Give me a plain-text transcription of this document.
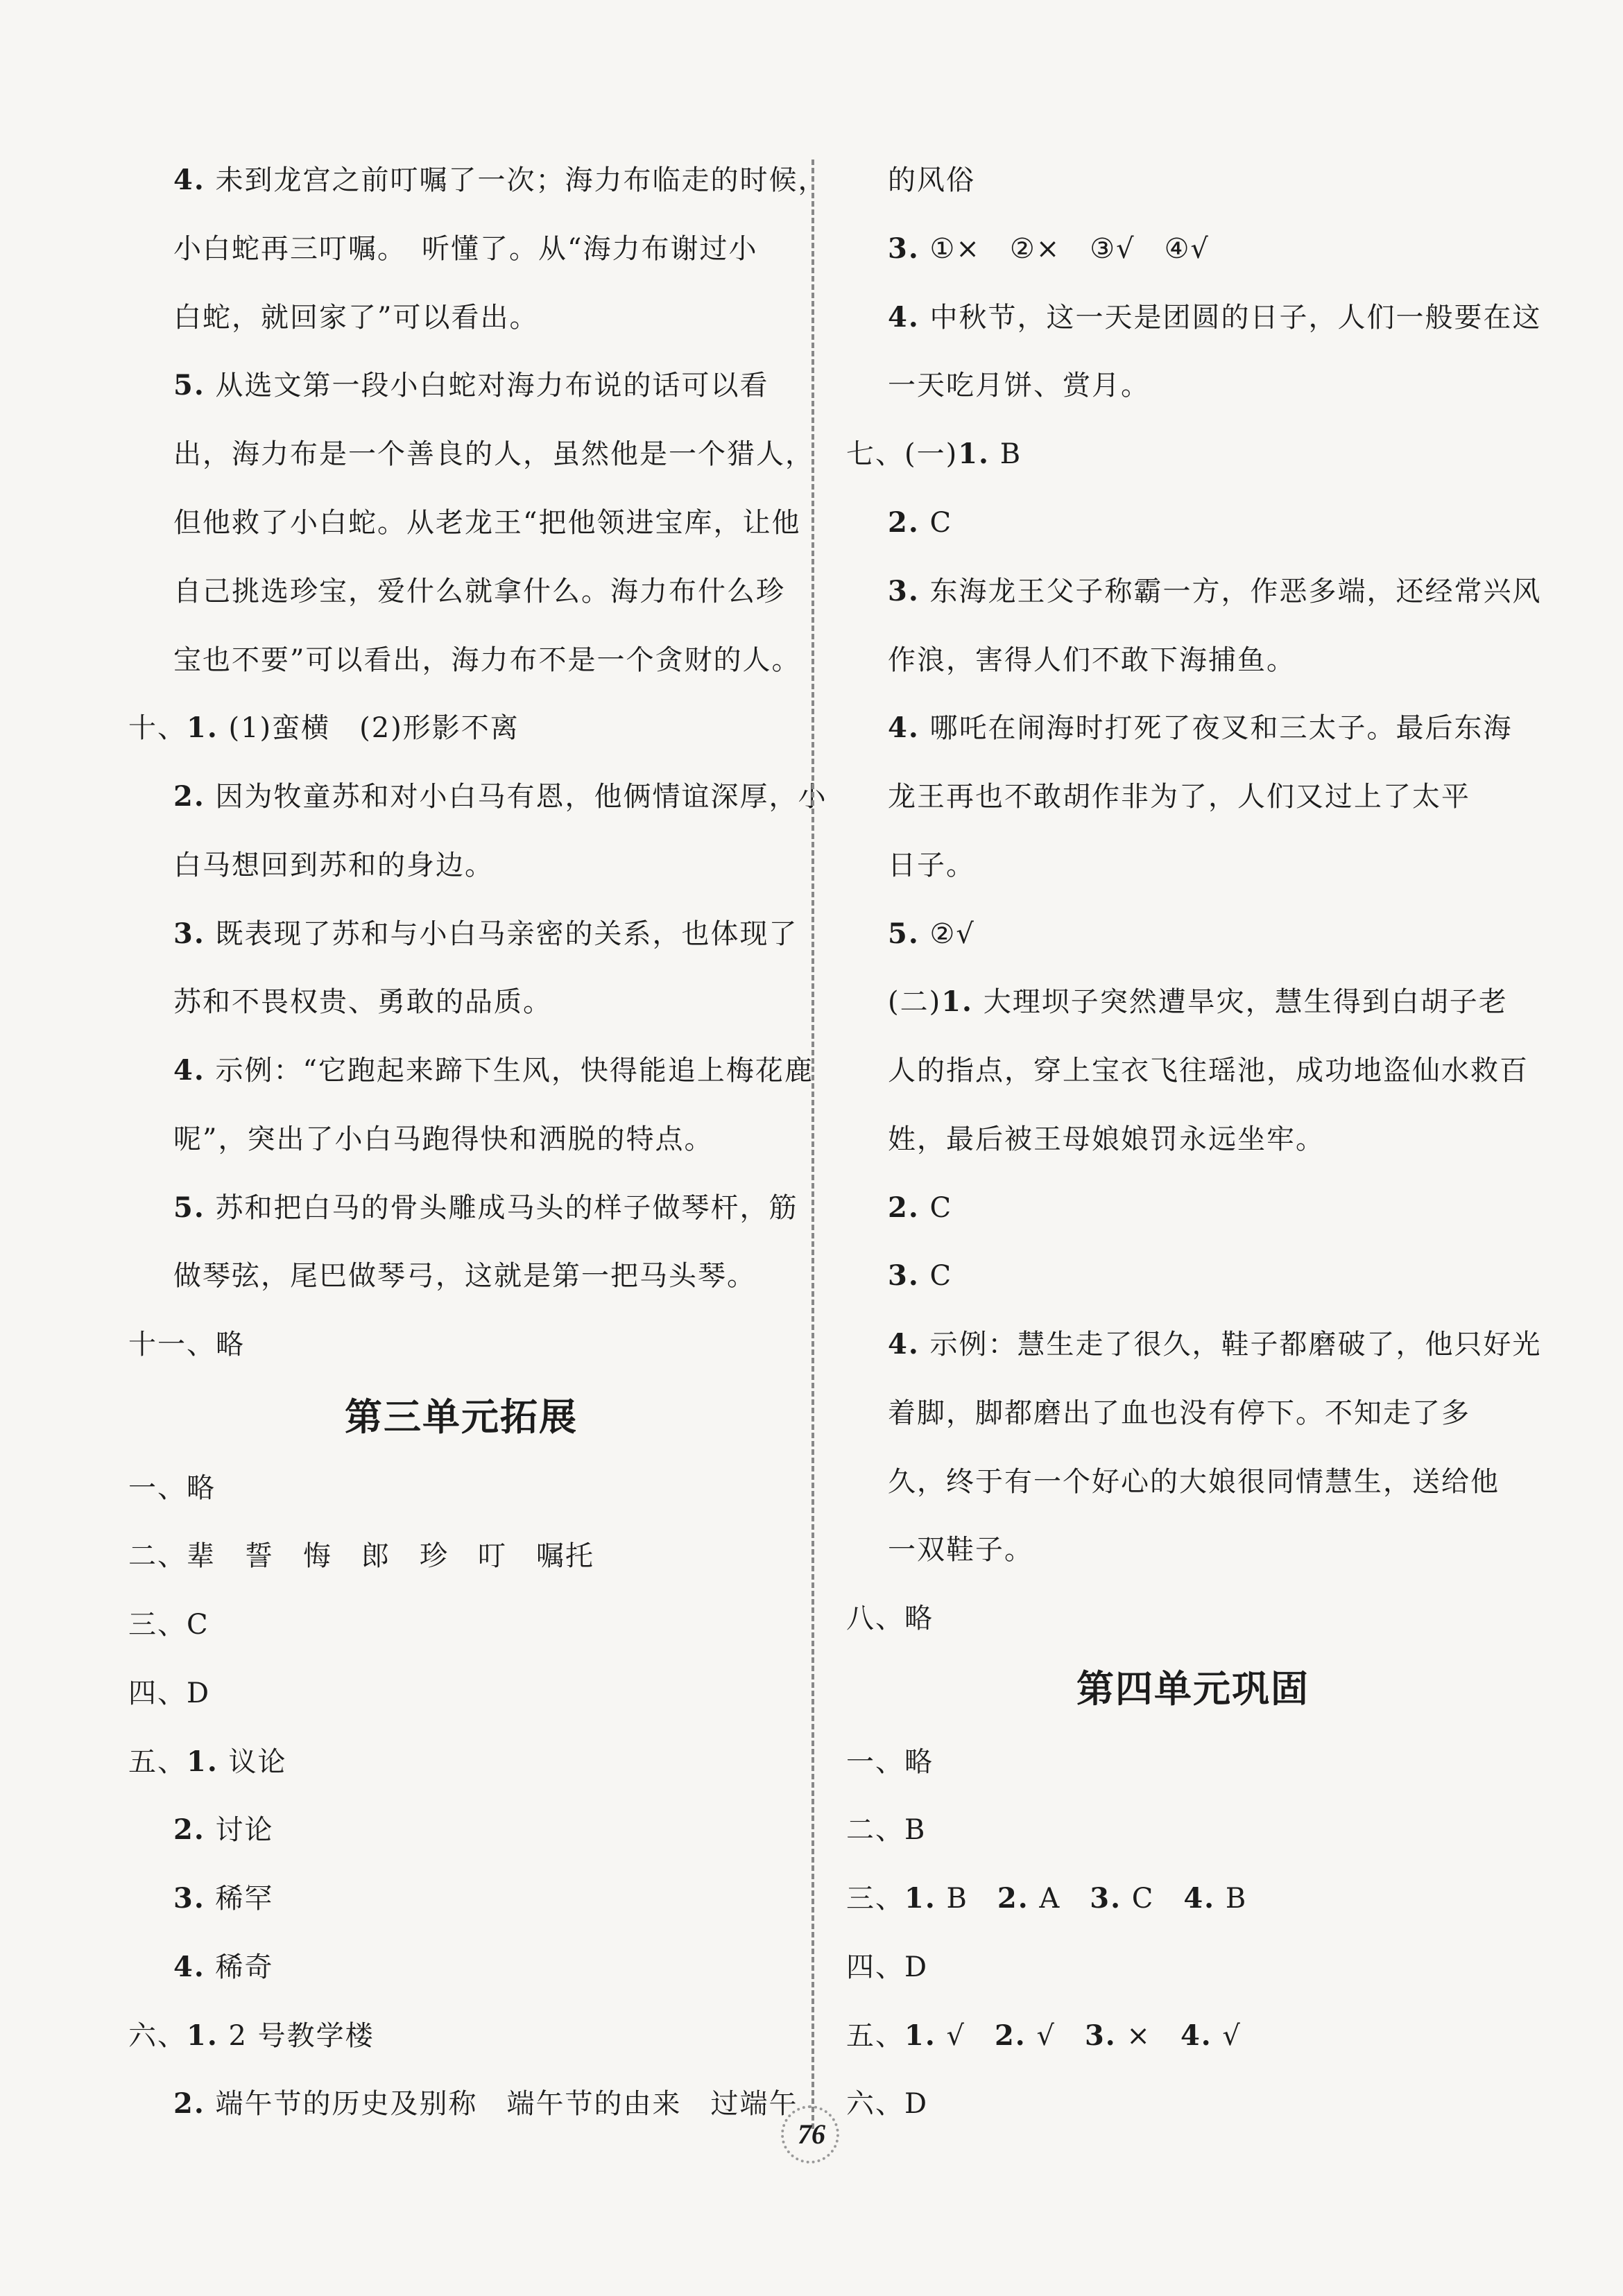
4. 未到龙宫之前叮嘱了一次；海力布临走的时候，
小白蛇再三叮嘱。　听懂了。从“海力布谢过小
白蛇，就回家了”可以看出。
5. 从选文第一段小白蛇对海力布说的话可以看
出，海力布是一个善良的人，虽然他是一个猎人，
但他救了小白蛇。从老龙王“把他领进宝库，让他
自己挑选珍宝，爱什么就拿什么。海力布什么珍
宝也不要”可以看出，海力布不是一个贪财的人。
十、1. (1)蛮横　(2)形影不离
2. 因为牧童苏和对小白马有恩，他俩情谊深厚，小
白马想回到苏和的身边。
3. 既表现了苏和与小白马亲密的关系，也体现了
苏和不畏权贵、勇敢的品质。
4. 示例：“它跑起来蹄下生风，快得能追上梅花鹿
呢”，突出了小白马跑得快和洒脱的特点。
5. 苏和把白马的骨头雕成马头的样子做琴杆，筋
做琴弦，尾巴做琴弓，这就是第一把马头琴。
十一、略
第三单元拓展
一、略
二、辈　誓　悔　郎　珍　叮　嘱托
三、C
四、D
五、1. 议论
2. 讨论
3. 稀罕
4. 稀奇
六、1. 2 号教学楼
2. 端午节的历史及别称　端午节的由来　过端午
的风俗
3. ①×　②×　③√　④√
4. 中秋节，这一天是团圆的日子，人们一般要在这
一天吃月饼、赏月。
七、(一)1. B
2. C
3. 东海龙王父子称霸一方，作恶多端，还经常兴风
作浪，害得人们不敢下海捕鱼。
4. 哪吒在闹海时打死了夜叉和三太子。最后东海
龙王再也不敢胡作非为了，人们又过上了太平
日子。
5. ②√
(二)1. 大理坝子突然遭旱灾，慧生得到白胡子老
人的指点，穿上宝衣飞往瑶池，成功地盗仙水救百
姓，最后被王母娘娘罚永远坐牢。
2. C
3. C
4. 示例：慧生走了很久，鞋子都磨破了，他只好光
着脚，脚都磨出了血也没有停下。不知走了多
久，终于有一个好心的大娘很同情慧生，送给他
一双鞋子。
八、略
第四单元巩固
一、略
二、B
三、1. B　2. A　3. C　4. B
四、D
五、1. √　2. √　3. ×　4. √
六、D
76
